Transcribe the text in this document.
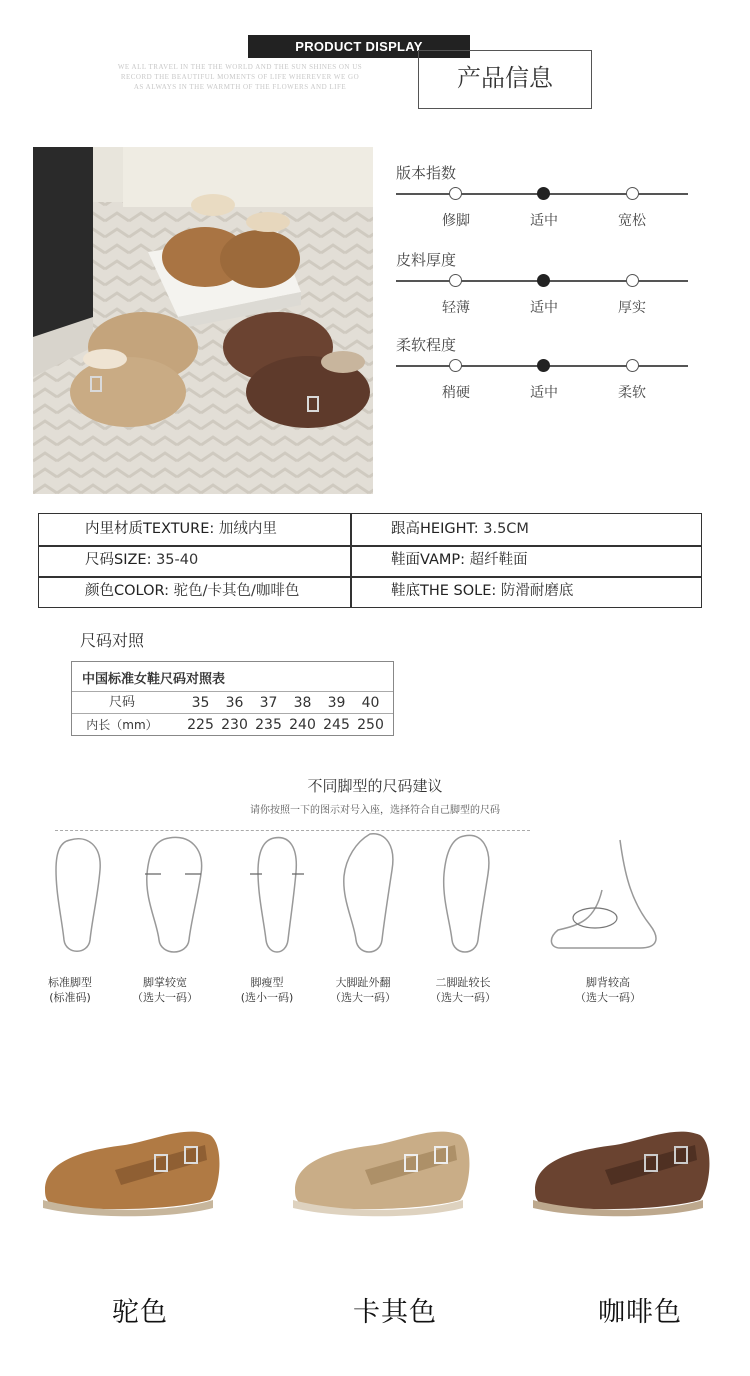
PRODUCT DISPLAY
WE ALL TRAVEL IN THE THE WORLD AND THE SUN SHINES ON US
RECORD THE BEAUTIFUL MOMENTS OF LIFE WHEREVER WE GO
AS ALWAYS IN THE WARMTH OF THE FLOWERS AND LIFE	产品信息
版本指数
修脚	适中	宽松
皮料厚度
轻薄	适中	厚实
柔软程度
稍硬	适中	柔软
内里材质TEXTURE: 加绒内里	跟高HEIGHT: 3.5CM
尺码SIZE: 35-40	鞋面VAMP: 超纤鞋面
颜色COLOR: 驼色/卡其色/咖啡色	鞋底THE SOLE: 防滑耐磨底
尺码对照
中国标准女鞋尺码对照表
尺码	35	36	37	38	39	40
内长（mm）	225 230 235 240 245 250
不同脚型的尺码建议
请你按照一下的图示对号入座，选择符合自己脚型的尺码
标准脚型
(标准码)
脚掌较宽
（选大一码）
脚瘦型
(选小一码)
大脚趾外翻
（选大一码）
二脚趾较长
（选大一码）
脚背较高
（选大一码）
驼色	卡其色	咖啡色
